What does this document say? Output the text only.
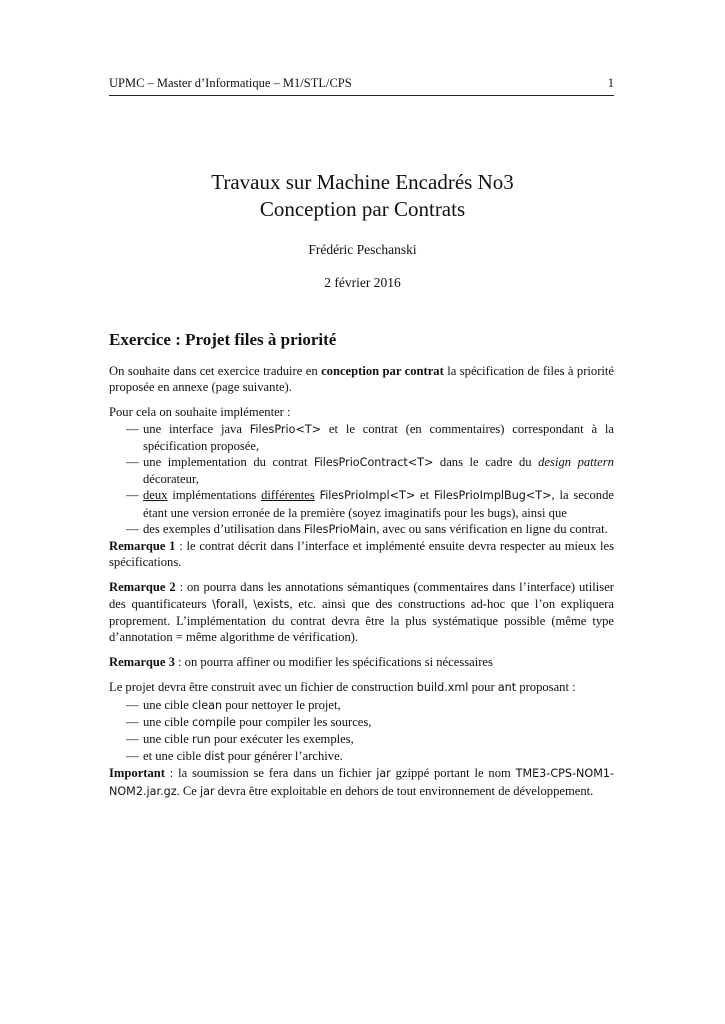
UPMC – Master d’Informatique – M1/STL/CPS	1
Travaux sur Machine Encadrés No3
Conception par Contrats
Frédéric Peschanski
2 février 2016
Exercice : Projet files à priorité

On souhaite dans cet exercice traduire en conception par contrat la spécification de files à priorité proposée en annexe (page suivante).

Pour cela on souhaite implémenter :
— une interface java FilesPrio<T> et le contrat (en commentaires) correspondant à la spécification proposée,
— une implementation du contrat FilesPrioContract<T> dans le cadre du design pattern décorateur,
— deux implémentations différentes FilesPrioImpl<T> et FilesPrioImplBug<T>, la seconde étant une version erronée de la première (soyez imaginatifs pour les bugs), ainsi que
— des exemples d’utilisation dans FilesPrioMain, avec ou sans vérification en ligne du contrat.

Remarque 1 : le contrat décrit dans l’interface et implémenté ensuite devra respecter au mieux les spécifications.

Remarque 2 : on pourra dans les annotations sémantiques (commentaires dans l’interface) utiliser des quantificateurs \forall, \exists, etc. ainsi que des constructions ad-hoc que l’on expliquera proprement. L’implémentation du contrat devra être la plus systématique possible (même type d’annotation = même algorithme de vérification).

Remarque 3 : on pourra affiner ou modifier les spécifications si nécessaires

Le projet devra être construit avec un fichier de construction build.xml pour ant proposant :
— une cible clean pour nettoyer le projet,
— une cible compile pour compiler les sources,
— une cible run pour exécuter les exemples,
— et une cible dist pour générer l’archive.

Important : la soumission se fera dans un fichier jar gzippé portant le nom TME3-CPS-NOM1-NOM2.jar.gz. Ce jar devra être exploitable en dehors de tout environnement de développement.
